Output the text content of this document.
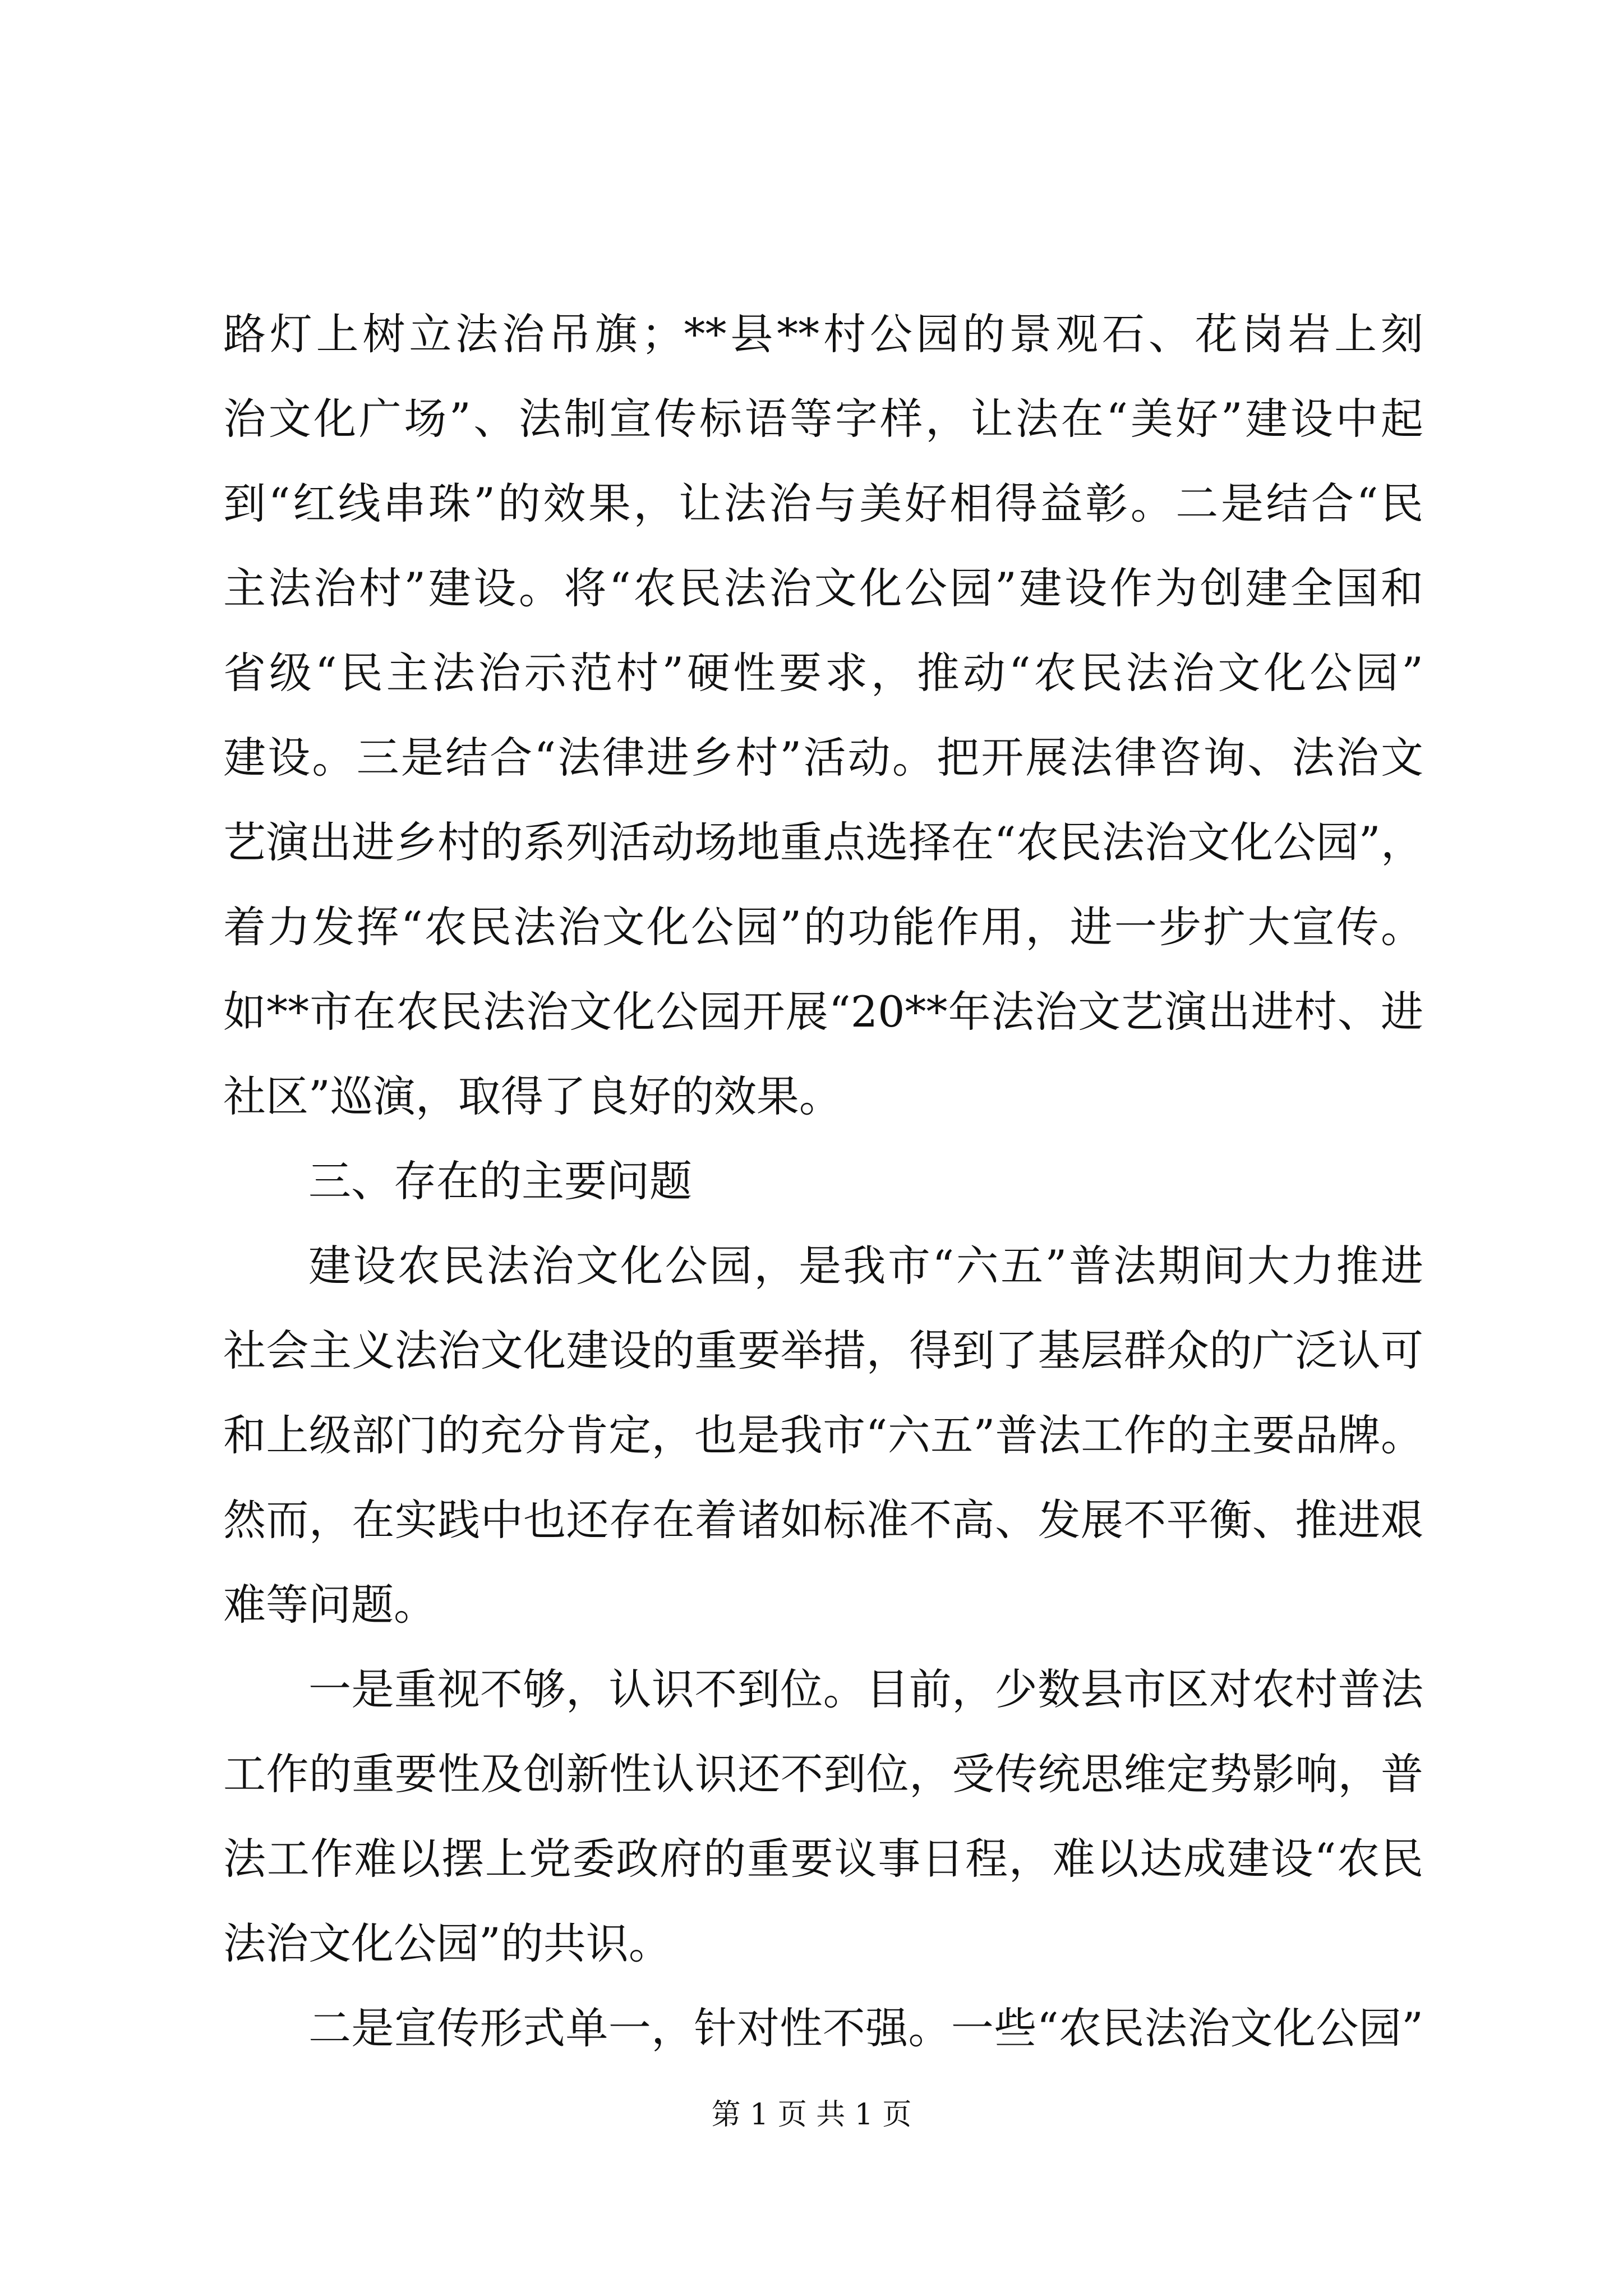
路灯上树立法治吊旗；**县**村公园的景观石、花岗岩上刻
治文化广场”、法制宣传标语等字样，让法在“美好”建设中起
到“红线串珠”的效果，让法治与美好相得益彰。二是结合“民
主法治村”建设。将“农民法治文化公园”建设作为创建全国和
省级“民主法治示范村”硬性要求，推动“农民法治文化公园”
建设。三是结合“法律进乡村”活动。把开展法律咨询、法治文
艺演出进乡村的系列活动场地重点选择在“农民法治文化公园”，
着力发挥“农民法治文化公园”的功能作用，进一步扩大宣传。
如**市在农民法治文化公园开展“20**年法治文艺演出进村、进
社区”巡演，取得了良好的效果。
三、存在的主要问题
建设农民法治文化公园，是我市“六五”普法期间大力推进
社会主义法治文化建设的重要举措，得到了基层群众的广泛认可
和上级部门的充分肯定，也是我市“六五”普法工作的主要品牌。
然而，在实践中也还存在着诸如标准不高、发展不平衡、推进艰
难等问题。
一是重视不够，认识不到位。目前，少数县市区对农村普法
工作的重要性及创新性认识还不到位，受传统思维定势影响，普
法工作难以摆上党委政府的重要议事日程，难以达成建设“农民
法治文化公园”的共识。
二是宣传形式单一，针对性不强。一些“农民法治文化公园”
第 1 页 共 1 页
